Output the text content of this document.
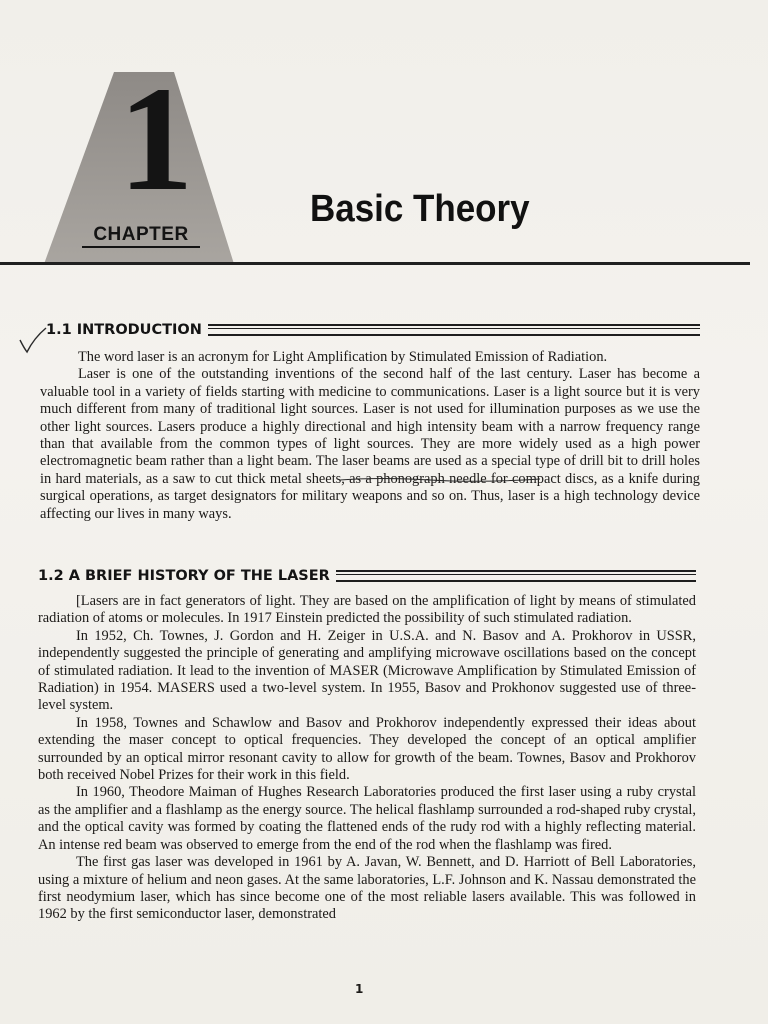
1
CHAPTER
Basic Theory
1.1 INTRODUCTION

The word laser is an acronym for Light Amplification by Stimulated Emission of Radiation.

Laser is one of the outstanding inventions of the second half of the last century. Laser has become a valuable tool in a variety of fields starting with medicine to communications. Laser is a light source but it is very much different from many of traditional light sources. Laser is not used for illumination purposes as we use the other light sources. Lasers produce a highly directional and high intensity beam with a narrow frequency range than that available from the common types of light sources. They are more widely used as a high power electromagnetic beam rather than a light beam. The laser beams are used as a special type of drill bit to drill holes in hard materials, as a saw to cut thick metal sheets, as a phonograph needle for compact discs, as a knife during surgical operations, as target designators for military weapons and so on. Thus, laser is a high technology device affecting our lives in many ways.

1.2 A BRIEF HISTORY OF THE LASER

[Lasers are in fact generators of light. They are based on the amplification of light by means of stimulated radiation of atoms or molecules. In 1917 Einstein predicted the possibility of such stimulated radiation.

In 1952, Ch. Townes, J. Gordon and H. Zeiger in U.S.A. and N. Basov and A. Prokhorov in USSR, independently suggested the principle of generating and amplifying microwave oscillations based on the concept of stimulated radiation. It lead to the invention of MASER (Microwave Amplification by Stimulated Emission of Radiation) in 1954. MASERS used a two-level system. In 1955, Basov and Prokhonov suggested use of three-level system.

In 1958, Townes and Schawlow and Basov and Prokhorov independently expressed their ideas about extending the maser concept to optical frequencies. They developed the concept of an optical amplifier surrounded by an optical mirror resonant cavity to allow for growth of the beam. Townes, Basov and Prokhorov both received Nobel Prizes for their work in this field.

In 1960, Theodore Maiman of Hughes Research Laboratories produced the first laser using a ruby crystal as the amplifier and a flashlamp as the energy source. The helical flashlamp surrounded a rod-shaped ruby crystal, and the optical cavity was formed by coating the flattened ends of the rudy rod with a highly reflecting material. An intense red beam was observed to emerge from the end of the rod when the flashlamp was fired.

The first gas laser was developed in 1961 by A. Javan, W. Bennett, and D. Harriott of Bell Laboratories, using a mixture of helium and neon gases. At the same laboratories, L.F. Johnson and K. Nassau demonstrated the first neodymium laser, which has since become one of the most reliable lasers available. This was followed in 1962 by the first semiconductor laser, demonstrated

1
